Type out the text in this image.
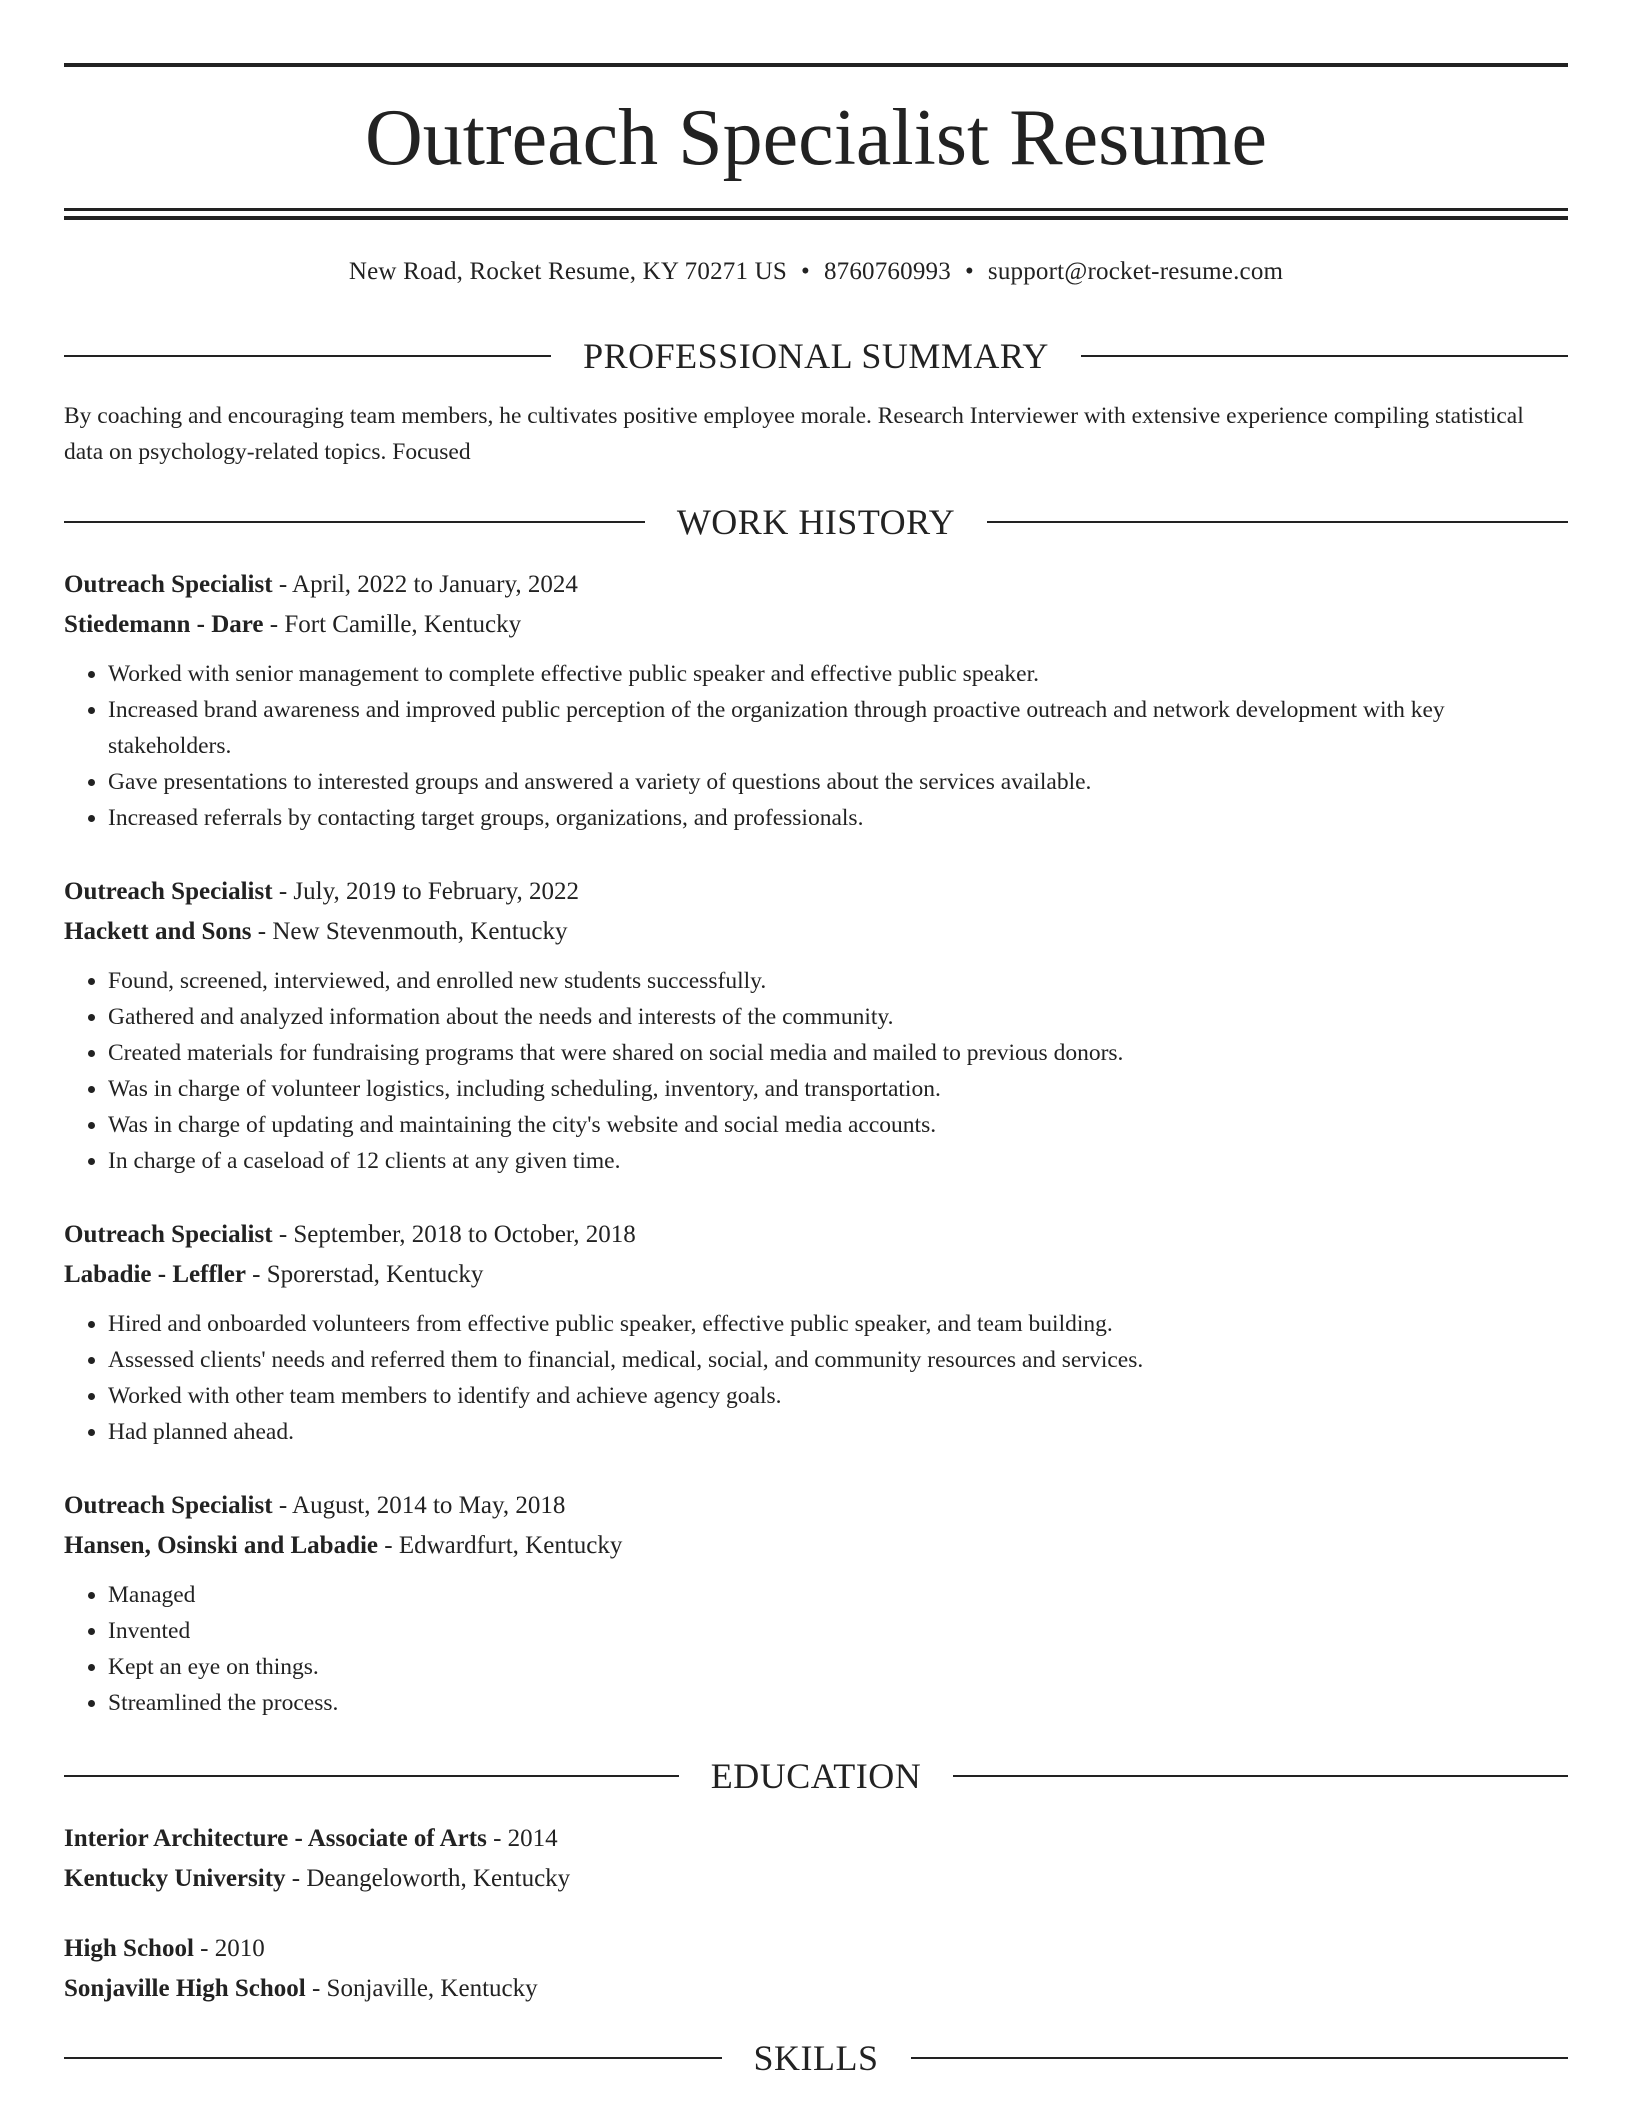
Outreach Specialist Resume
New Road, Rocket Resume, KY 70271 US • 8760760993 • support@rocket-resume.com
PROFESSIONAL SUMMARY

By coaching and encouraging team members, he cultivates positive employee morale. Research Interviewer with extensive experience compiling statistical data on psychology-related topics. Focused

WORK HISTORY

Outreach Specialist - April, 2022 to January, 2024

Stiedemann - Dare - Fort Camille, Kentucky

• Worked with senior management to complete effective public speaker and effective public speaker.
• Increased brand awareness and improved public perception of the organization through proactive outreach and network development with key stakeholders.
• Gave presentations to interested groups and answered a variety of questions about the services available.
• Increased referrals by contacting target groups, organizations, and professionals.

Outreach Specialist - July, 2019 to February, 2022

Hackett and Sons - New Stevenmouth, Kentucky

• Found, screened, interviewed, and enrolled new students successfully.
• Gathered and analyzed information about the needs and interests of the community.
• Created materials for fundraising programs that were shared on social media and mailed to previous donors.
• Was in charge of volunteer logistics, including scheduling, inventory, and transportation.
• Was in charge of updating and maintaining the city's website and social media accounts.
• In charge of a caseload of 12 clients at any given time.

Outreach Specialist - September, 2018 to October, 2018

Labadie - Leffler - Sporerstad, Kentucky

• Hired and onboarded volunteers from effective public speaker, effective public speaker, and team building.
• Assessed clients' needs and referred them to financial, medical, social, and community resources and services.
• Worked with other team members to identify and achieve agency goals.
• Had planned ahead.

Outreach Specialist - August, 2014 to May, 2018

Hansen, Osinski and Labadie - Edwardfurt, Kentucky

• Managed
• Invented
• Kept an eye on things.
• Streamlined the process.
EDUCATION

Interior Architecture - Associate of Arts - 2014

Kentucky University - Deangeloworth, Kentucky

High School - 2010

Sonjaville High School - Sonjaville, Kentucky

SKILLS
